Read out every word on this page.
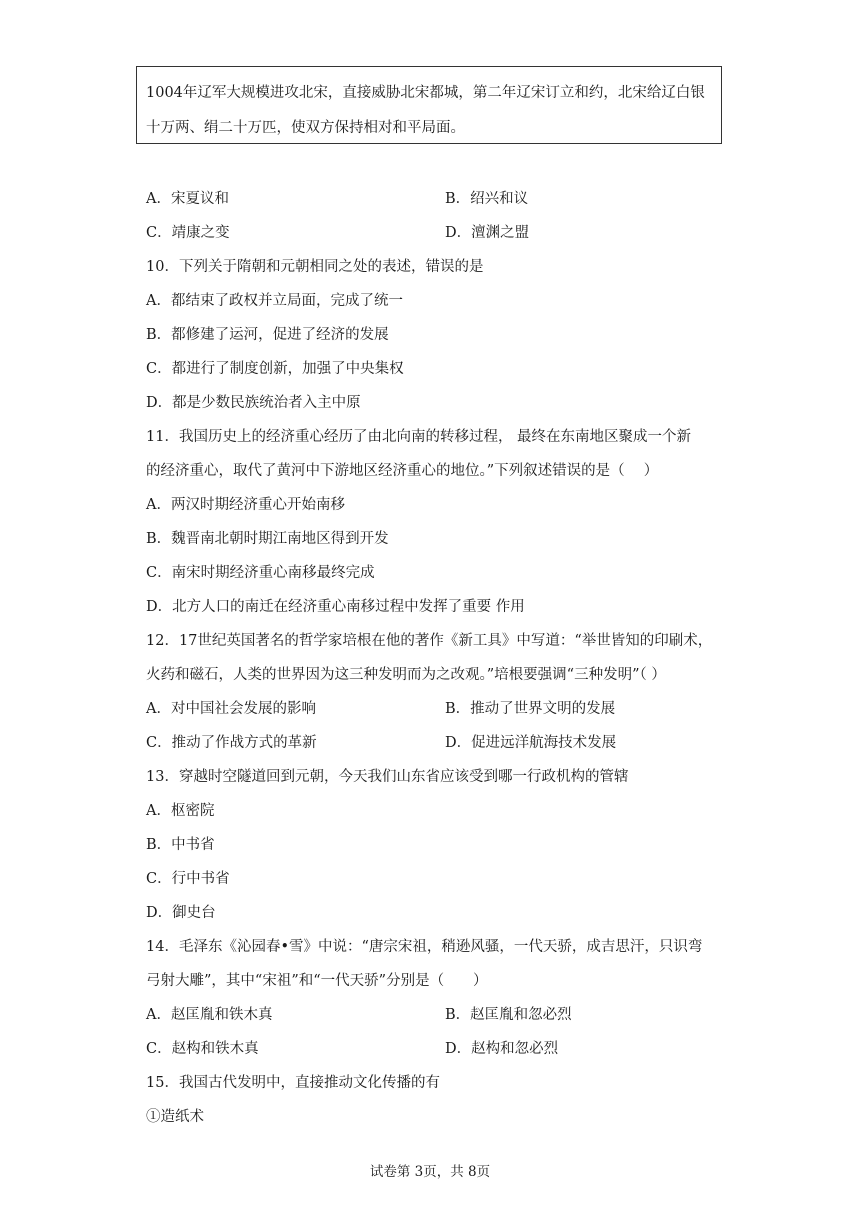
1004年辽军大规模进攻北宋，直接威胁北宋都城，第二年辽宋订立和约，北宋给辽白银十万两、绢二十万匹，使双方保持相对和平局面。
A．宋夏议和	B．绍兴和议
C．靖康之变	D．澶渊之盟
10．下列关于隋朝和元朝相同之处的表述，错误的是
A．都结束了政权并立局面，完成了统一
B．都修建了运河，促进了经济的发展
C．都进行了制度创新，加强了中央集权
D．都是少数民族统治者入主中原
11．我国历史上的经济重心经历了由北向南的转移过程， 最终在东南地区聚成一个新
的经济重心，取代了黄河中下游地区经济重心的地位。”下列叙述错误的是（　 ）
A．两汉时期经济重心开始南移
B．魏晋南北朝时期江南地区得到开发
C．南宋时期经济重心南移最终完成
D．北方人口的南迁在经济重心南移过程中发挥了重要 作用
12．17世纪英国著名的哲学家培根在他的著作《新工具》中写道：“举世皆知的印刷术，
火药和磁石，人类的世界因为这三种发明而为之改观。”培根要强调“三种发明”（ ）
A．对中国社会发展的影响	B．推动了世界文明的发展
C．推动了作战方式的革新	D．促进远洋航海技术发展
13．穿越时空隧道回到元朝，今天我们山东省应该受到哪一行政机构的管辖
A．枢密院
B．中书省
C．行中书省
D．御史台
14．毛泽东《沁园春•雪》中说：“唐宗宋祖，稍逊风骚，一代天骄，成吉思汗，只识弯
弓射大雕”，其中“宋祖”和“一代天骄”分别是（　　）
A．赵匡胤和铁木真	B．赵匡胤和忽必烈
C．赵构和铁木真	D．赵构和忽必烈
15．我国古代发明中，直接推动文化传播的有
①造纸术
试卷第 3页，共 8页
